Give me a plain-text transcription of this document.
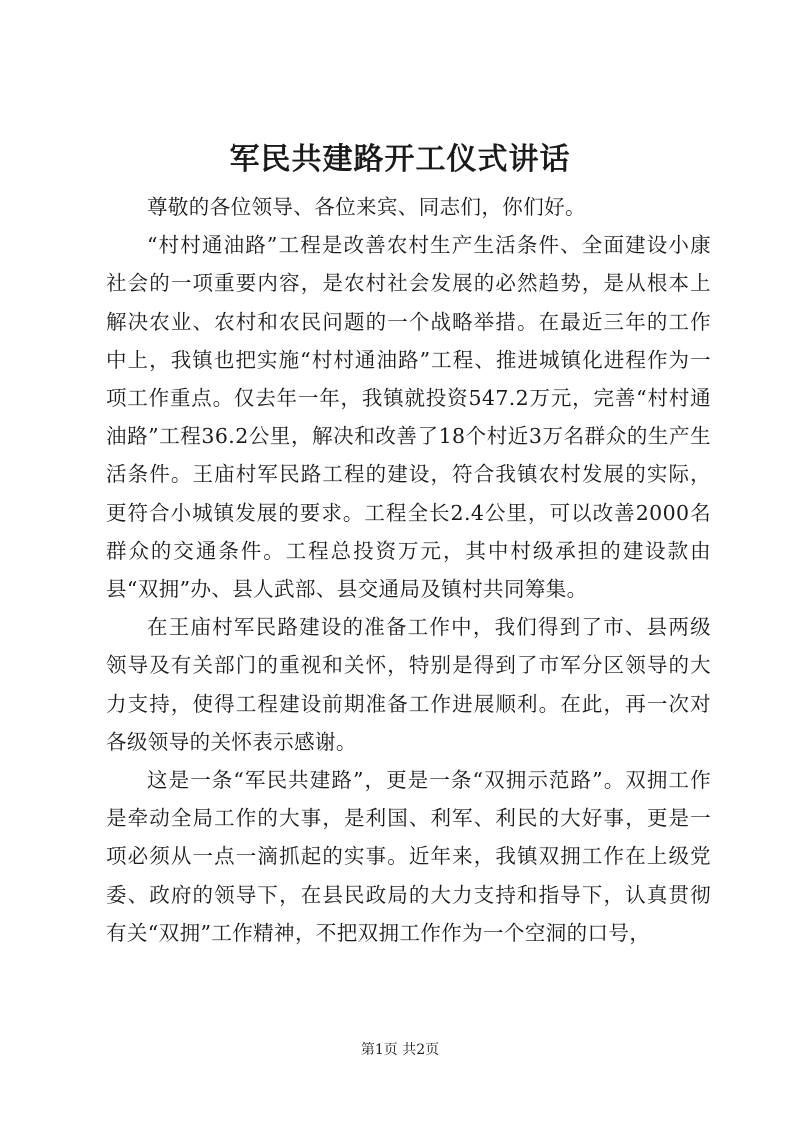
军民共建路开工仪式讲话

尊敬的各位领导、各位来宾、同志们，你们好。

“村村通油路”工程是改善农村生产生活条件、全面建设小康社会的一项重要内容，是农村社会发展的必然趋势，是从根本上解决农业、农村和农民问题的一个战略举措。在最近三年的工作中上，我镇也把实施“村村通油路”工程、推进城镇化进程作为一项工作重点。仅去年一年，我镇就投资547.2万元，完善“村村通油路”工程36.2公里，解决和改善了18个村近3万名群众的生产生活条件。王庙村军民路工程的建设，符合我镇农村发展的实际，更符合小城镇发展的要求。工程全长2.4公里，可以改善2000名群众的交通条件。工程总投资万元，其中村级承担的建设款由县“双拥”办、县人武部、县交通局及镇村共同筹集。

在王庙村军民路建设的准备工作中，我们得到了市、县两级领导及有关部门的重视和关怀，特别是得到了市军分区领导的大力支持，使得工程建设前期准备工作进展顺利。在此，再一次对各级领导的关怀表示感谢。

这是一条“军民共建路”，更是一条“双拥示范路”。双拥工作是牵动全局工作的大事，是利国、利军、利民的大好事，更是一项必须从一点一滴抓起的实事。近年来，我镇双拥工作在上级党委、政府的领导下，在县民政局的大力支持和指导下，认真贯彻有关“双拥”工作精神，不把双拥工作作为一个空洞的口号，

第1页 共2页
